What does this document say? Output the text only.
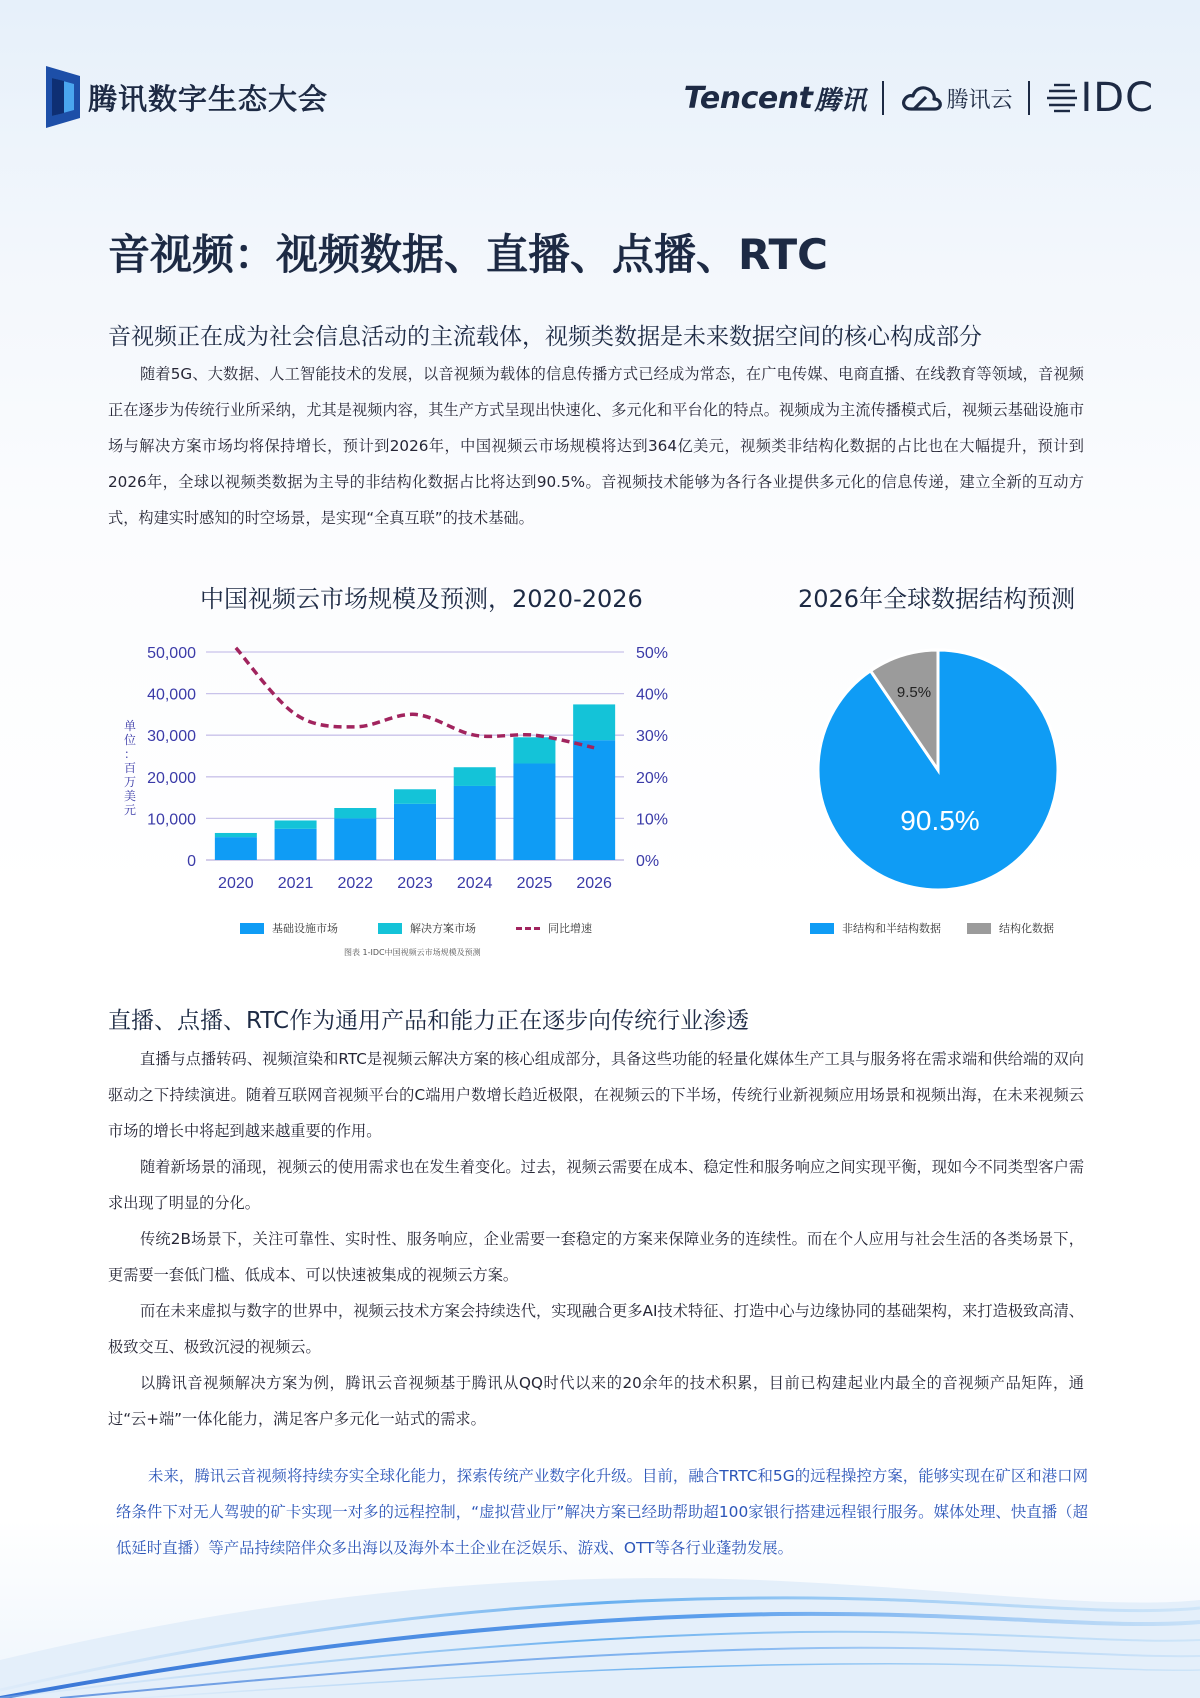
腾讯数字生态大会	Tencent 腾讯	腾讯云 IDC
音视频：视频数据、直播、点播、RTC
音视频正在成为社会信息活动的主流载体，视频类数据是未来数据空间的核心构成部分

随着5G、大数据、人工智能技术的发展，以音视频为载体的信息传播方式已经成为常态，在广电传媒、电商直播、在线教育等领域，音视频正在逐步为传统行业所采纳，尤其是视频内容，其生产方式呈现出快速化、多元化和平台化的特点。视频成为主流传播模式后，视频云基础设施市场与解决方案市场均将保持增长，预计到2026年，中国视频云市场规模将达到364亿美元，视频类非结构化数据的占比也在大幅提升，预计到2026年，全球以视频类数据为主导的非结构化数据占比将达到90.5%。音视频技术能够为各行各业提供多元化的信息传递，建立全新的互动方式，构建实时感知的时空场景，是实现“全真互联”的技术基础。

中国视频云市场规模及预测，2020-2026
0
10,000
20,000
30,000
40,000
50,000
0%
10%
20%
30%
40%
50%
单
位
：
百
万
美
元
2020 2021 2022 2023 2024 2025 2026
基础设施市场	解决方案市场	同比增速
图表 1-IDC中国视频云市场规模及预测
2026年全球数据结构预测
90.5%
9.5%
非结构和半结构数据	结构化数据
直播、点播、RTC作为通用产品和能力正在逐步向传统行业渗透

直播与点播转码、视频渲染和RTC是视频云解决方案的核心组成部分，具备这些功能的轻量化媒体生产工具与服务将在需求端和供给端的双向驱动之下持续演进。随着互联网音视频平台的C端用户数增长趋近极限，在视频云的下半场，传统行业新视频应用场景和视频出海，在未来视频云市场的增长中将起到越来越重要的作用。

随着新场景的涌现，视频云的使用需求也在发生着变化。过去，视频云需要在成本、稳定性和服务响应之间实现平衡，现如今不同类型客户需求出现了明显的分化。

传统2B场景下，关注可靠性、实时性、服务响应，企业需要一套稳定的方案来保障业务的连续性。而在个人应用与社会生活的各类场景下，更需要一套低门槛、低成本、可以快速被集成的视频云方案。

而在未来虚拟与数字的世界中，视频云技术方案会持续迭代，实现融合更多AI技术特征、打造中心与边缘协同的基础架构，来打造极致高清、极致交互、极致沉浸的视频云。

以腾讯音视频解决方案为例，腾讯云音视频基于腾讯从QQ时代以来的20余年的技术积累，目前已构建起业内最全的音视频产品矩阵，通过“云+端”一体化能力，满足客户多元化一站式的需求。

未来，腾讯云音视频将持续夯实全球化能力，探索传统产业数字化升级。目前，融合TRTC和5G的远程操控方案，能够实现在矿区和港口网络条件下对无人驾驶的矿卡实现一对多的远程控制，“虚拟营业厅”解决方案已经助帮助超100家银行搭建远程银行服务。媒体处理、快直播（超低延时直播）等产品持续陪伴众多出海以及海外本土企业在泛娱乐、游戏、OTT等各行业蓬勃发展。
